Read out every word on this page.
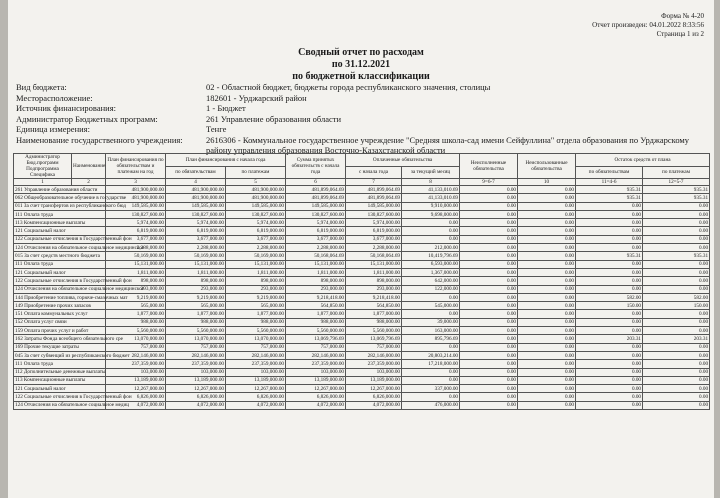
Форма № 4-20
Отчет произведен: 04.01.2022 8:33:56
Страница 1 из 2
Сводный отчет по расходам
по 31.12.2021
по бюджетной классификации
Вид бюджета:	02 - Областной бюджет, бюджеты города республиканского значения, столицы
Месторасположение:	182601 - Урджарский район
Источник финансирования:	1 - Бюджет
Администратор Бюджетных программ:	261 Управление образования области
Единица измерения:	Тенге
Наименование государственного учреждения:	2616306 - Коммунальное государственное учреждение "Средняя школа-сад имени Сейфуллина" отдела образования по Урджарскому району управления образования Восточно-Казахстанской области
Администратор Бюд.программ Подпрограмма Специфика	Наименование	План финансирования по обязательствам и платежам на год	План финансирования с начала года		Сумма принятых обязательств с начала года	Оплаченные обязательства		Неисполненные обязательства	Неиспользованные обязательства	Остаток средств от плана	
			по обязательствам	по платежам		с начала года	за текущий месяц			по обязательствам	по платежам
1	2	3	4	5	6	7	8	9=6-7	10	11=4-6	12=5-7
261 Управление образования области		481,900,000.00	481,900,000.00	481,900,000.00	481,899,064.69	481,899,064.69	41,133,010.69	0.00	0.00	935.31	935.31
062 Общеобразовательное обучение в государстве		481,900,000.00	481,900,000.00	481,900,000.00	481,899,064.69	481,899,064.69	41,133,010.69	0.00	0.00	935.31	935.31
011 За счет трансфертов из республиканского бюд		149,585,000.00	149,585,000.00	149,585,000.00	149,585,000.00	149,585,000.00	9,910,000.00	0.00	0.00	0.00	0.00
111 Оплата труда		130,827,600.00	130,827,600.00	130,827,600.00	130,827,600.00	130,827,600.00	9,698,000.00	0.00	0.00	0.00	0.00
113 Компенсационные выплаты		5,974,000.00	5,974,000.00	5,974,000.00	5,974,000.00	5,974,000.00	0.00	0.00	0.00	0.00	0.00
121 Социальный налог		6,819,000.00	6,819,000.00	6,819,000.00	6,819,000.00	6,819,000.00	0.00	0.00	0.00	0.00	0.00
122 Социальные отчисления в Государственный фон		3,677,000.00	3,677,000.00	3,677,000.00	3,677,000.00	3,677,000.00	0.00	0.00	0.00	0.00	0.00
124 Отчисления на обязательное социальное медицинское		2,288,000.00	2,288,000.00	2,288,000.00	2,288,000.00	2,288,000.00	212,000.00	0.00	0.00	0.00	0.00
015 За счет средств местного бюджета		50,169,000.00	50,169,000.00	50,169,000.00	50,168,064.69	50,168,064.69	10,419,796.69	0.00	0.00	935.31	935.31
111 Оплата труда		15,131,000.00	15,131,000.00	15,131,000.00	15,131,000.00	15,131,000.00	6,593,000.00	0.00	0.00	0.00	0.00
121 Социальный налог		1,811,000.00	1,811,000.00	1,811,000.00	1,811,000.00	1,811,000.00	1,367,000.00	0.00	0.00	0.00	0.00
122 Социальные отчисления в Государственный фон		898,000.00	898,000.00	898,000.00	898,000.00	898,000.00	642,000.00	0.00	0.00	0.00	0.00
124 Отчисления на обязательное социальное медицинское		293,000.00	293,000.00	293,000.00	293,000.00	293,000.00	122,000.00	0.00	0.00	0.00	0.00
144 Приобретение топлива, горюче-смазочных мат		9,219,000.00	9,219,000.00	9,219,000.00	9,218,418.00	9,218,418.00	0.00	0.00	0.00	582.00	582.00
149 Приобретение прочих запасов		565,000.00	565,000.00	565,000.00	564,850.00	564,850.00	545,000.00	0.00	0.00	150.00	150.00
151 Оплата коммунальных услуг		1,877,000.00	1,877,000.00	1,877,000.00	1,877,000.00	1,877,000.00	0.00	0.00	0.00	0.00	0.00
152 Оплата услуг связи		988,000.00	988,000.00	988,000.00	988,000.00	988,000.00	39,000.00	0.00	0.00	0.00	0.00
159 Оплата прочих услуг и работ		5,560,000.00	5,560,000.00	5,560,000.00	5,560,000.00	5,560,000.00	163,000.00	0.00	0.00	0.00	0.00
162 Затраты Фонда всеобщего обязательного сре		13,070,000.00	13,070,000.00	13,070,000.00	13,069,796.69	13,069,796.69	895,796.69	0.00	0.00	203.31	203.31
169 Прочие текущие затраты		757,000.00	757,000.00	757,000.00	757,000.00	757,000.00	0.00	0.00	0.00	0.00	0.00
045 За счет субвенций из республиканского бюджет		282,146,000.00	282,146,000.00	282,146,000.00	282,146,000.00	282,146,000.00	20,803,214.00	0.00	0.00	0.00	0.00
111 Оплата труда		237,359,000.00	237,359,000.00	237,359,000.00	237,359,000.00	237,359,000.00	17,218,000.00	0.00	0.00	0.00	0.00
112 Дополнительные денежные выплаты		103,000.00	103,000.00	103,000.00	103,000.00	103,000.00	0.00	0.00	0.00	0.00	0.00
113 Компенсационные выплаты		13,189,000.00	13,189,000.00	13,189,000.00	13,189,000.00	13,189,000.00	0.00	0.00	0.00	0.00	0.00
121 Социальный налог		12,267,000.00	12,267,000.00	12,267,000.00	12,267,000.00	12,267,000.00	337,000.00	0.00	0.00	0.00	0.00
122 Социальные отчисления в Государственный фон		6,826,000.00	6,826,000.00	6,826,000.00	6,826,000.00	6,826,000.00	0.00	0.00	0.00	0.00	0.00
124 Отчисления на обязательное социальное медиц		4,072,000.00	4,072,000.00	4,072,000.00	4,072,000.00	4,072,000.00	476,000.00	0.00	0.00	0.00	0.00
